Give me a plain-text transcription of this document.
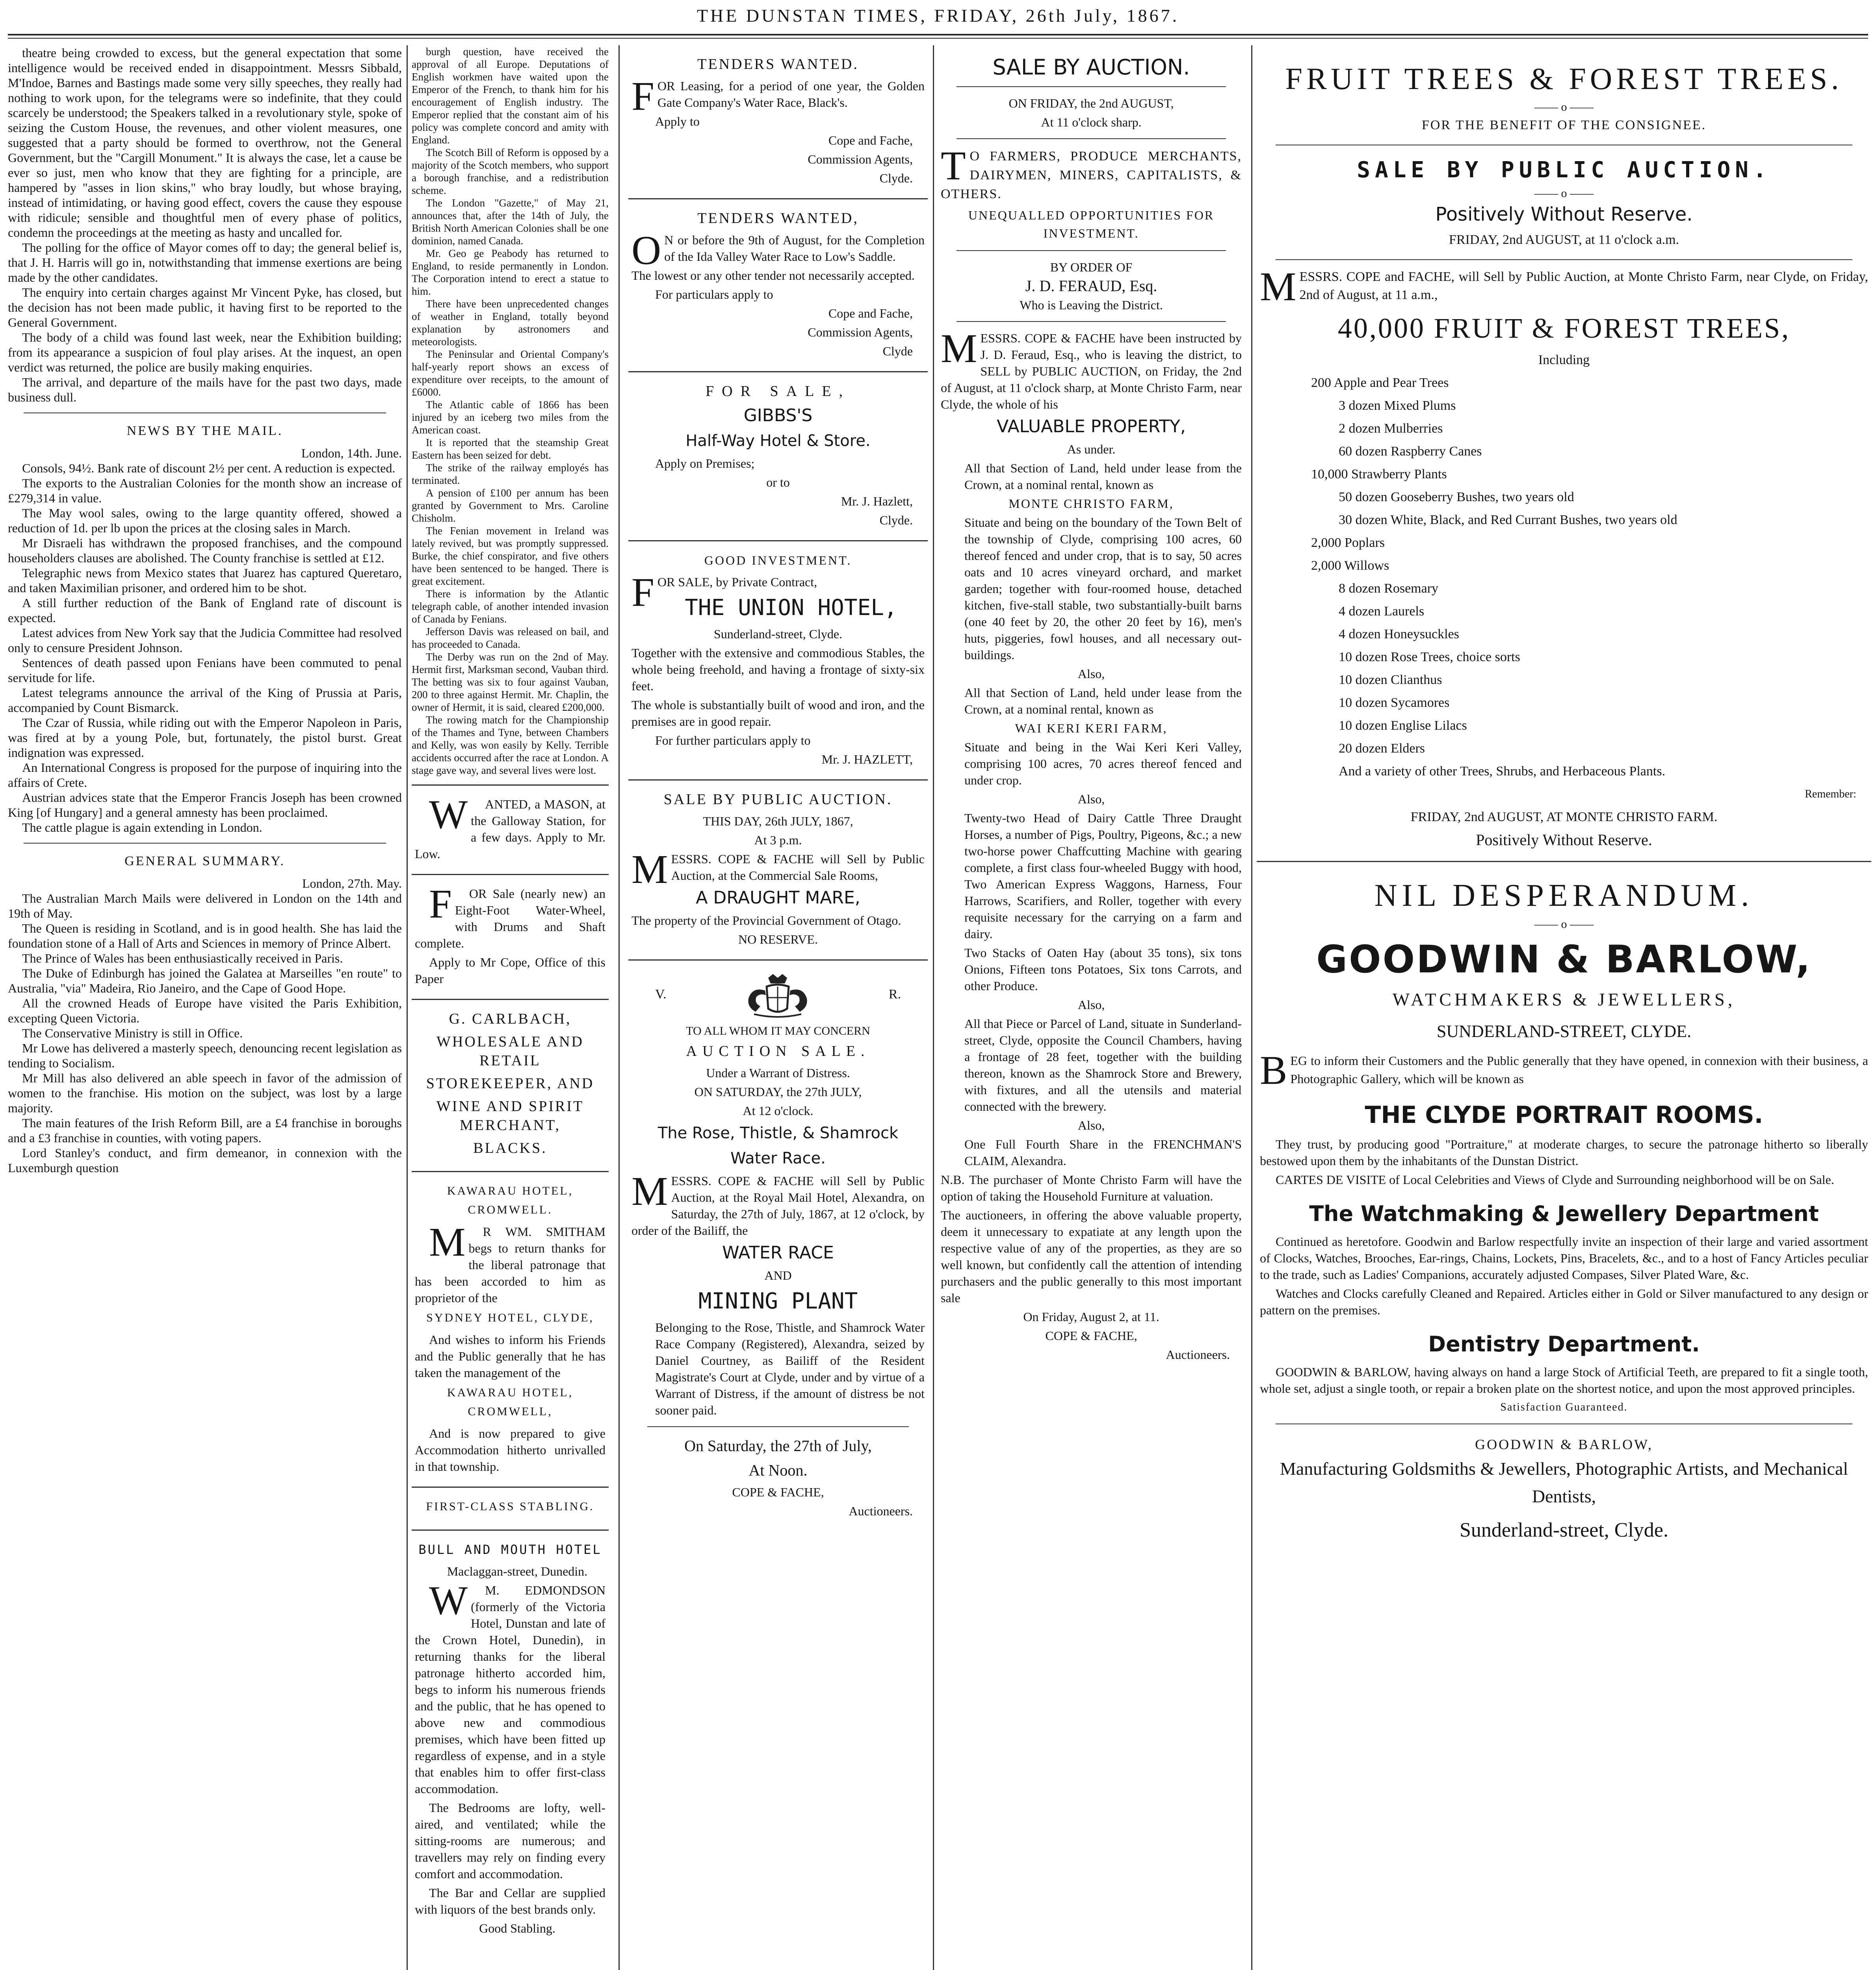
THE DUNSTAN TIMES, FRIDAY, 26th July, 1867.

theatre being crowded to excess, but the general expectation that some intelligence would be received ended in disappointment. Messrs Sibbald, M'Indoe, Barnes and Bastings made some very silly speeches, they really had nothing to work upon, for the telegrams were so indefinite, that they could scarcely be understood; the Speakers talked in a revolutionary style, spoke of seizing the Custom House, the revenues, and other violent measures, one suggested that a party should be formed to overthrow, not the General Government, but the "Cargill Monument." It is always the case, let a cause be ever so just, men who know that they are fighting for a principle, are hampered by "asses in lion skins," who bray loudly, but whose braying, instead of intimidating, or having good effect, covers the cause they espouse with ridicule; sensible and thoughtful men of every phase of politics, condemn the proceedings at the meeting as hasty and uncalled for.

The polling for the office of Mayor comes off to day; the general belief is, that J. H. Harris will go in, notwithstanding that immense exertions are being made by the other candidates.

The enquiry into certain charges against Mr Vincent Pyke, has closed, but the decision has not been made public, it having first to be reported to the General Government.

The body of a child was found last week, near the Exhibition building; from its appearance a suspicion of foul play arises. At the inquest, an open verdict was returned, the police are busily making enquiries.

The arrival, and departure of the mails have for the past two days, made business dull.

NEWS BY THE MAIL.

London, 14th. June.

Consols, 94½. Bank rate of discount 2½ per cent. A reduction is expected.

The exports to the Australian Colonies for the month show an increase of £279,314 in value.

The May wool sales, owing to the large quantity offered, showed a reduction of 1d. per lb upon the prices at the closing sales in March.

Mr Disraeli has withdrawn the proposed franchises, and the compound householders clauses are abolished. The County franchise is settled at £12.

Telegraphic news from Mexico states that Juarez has captured Queretaro, and taken Maximilian prisoner, and ordered him to be shot.

A still further reduction of the Bank of England rate of discount is expected.

Latest advices from New York say that the Judicia Committee had resolved only to censure President Johnson.

Sentences of death passed upon Fenians have been commuted to penal servitude for life.

Latest telegrams announce the arrival of the King of Prussia at Paris, accompanied by Count Bismarck.

The Czar of Russia, while riding out with the Emperor Napoleon in Paris, was fired at by a young Pole, but, fortunately, the pistol burst. Great indignation was expressed.

An International Congress is proposed for the purpose of inquiring into the affairs of Crete.

Austrian advices state that the Emperor Francis Joseph has been crowned King [of Hungary] and a general amnesty has been proclaimed.

The cattle plague is again extending in London.

GENERAL SUMMARY.

London, 27th. May.

The Australian March Mails were delivered in London on the 14th and 19th of May.

The Queen is residing in Scotland, and is in good health. She has laid the foundation stone of a Hall of Arts and Sciences in memory of Prince Albert.

The Prince of Wales has been enthusiastically received in Paris.

The Duke of Edinburgh has joined the Galatea at Marseilles "en route" to Australia, "via" Madeira, Rio Janeiro, and the Cape of Good Hope.

All the crowned Heads of Europe have visited the Paris Exhibition, excepting Queen Victoria.

The Conservative Ministry is still in Office.

Mr Lowe has delivered a masterly speech, denouncing recent legislation as tending to Socialism.

Mr Mill has also delivered an able speech in favor of the admission of women to the franchise. His motion on the subject, was lost by a large majority.

The main features of the Irish Reform Bill, are a £4 franchise in boroughs and a £3 franchise in counties, with voting papers.

Lord Stanley's conduct, and firm demeanor, in connexion with the Luxemburgh question

burgh question, have received the approval of all Europe. Deputations of English workmen have waited upon the Emperor of the French, to thank him for his encouragement of English industry. The Emperor replied that the constant aim of his policy was complete concord and amity with England.

The Scotch Bill of Reform is opposed by a majority of the Scotch members, who support a borough franchise, and a redistribution scheme.

The London "Gazette," of May 21, announces that, after the 14th of July, the British North American Colonies shall be one dominion, named Canada.

Mr. Geo ge Peabody has returned to England, to reside permanently in London. The Corporation intend to erect a statue to him.

There have been unprecedented changes of weather in England, totally beyond explanation by astronomers and meteorologists.

The Peninsular and Oriental Company's half-yearly report shows an excess of expenditure over receipts, to the amount of £6000.

The Atlantic cable of 1866 has been injured by an iceberg two miles from the American coast.

It is reported that the steamship Great Eastern has been seized for debt.

The strike of the railway employés has terminated.

A pension of £100 per annum has been granted by Government to Mrs. Caroline Chisholm.

The Fenian movement in Ireland was lately revived, but was promptly suppressed. Burke, the chief conspirator, and five others have been sentenced to be hanged. There is great excitement.

There is information by the Atlantic telegraph cable, of another intended invasion of Canada by Fenians.

Jefferson Davis was released on bail, and has proceeded to Canada.

The Derby was run on the 2nd of May. Hermit first, Marksman second, Vauban third. The betting was six to four against Vauban, 200 to three against Hermit. Mr. Chaplin, the owner of Hermit, it is said, cleared £200,000.

The rowing match for the Championship of the Thames and Tyne, between Chambers and Kelly, was won easily by Kelly. Terrible accidents occurred after the race at London. A stage gave way, and several lives were lost.

WANTED, a MASON, at the Galloway Station, for a few days. Apply to Mr. Low.

FOR Sale (nearly new) an Eight-Foot Water-Wheel, with Drums and Shaft complete.

Apply to Mr Cope, Office of this Paper

G. CARLBACH,
WHOLESALE AND RETAIL
STOREKEEPER, AND
WINE AND SPIRIT MERCHANT,
BLACKS.
KAWARAU HOTEL, CROMWELL.

MR WM. SMITHAM begs to return thanks for the liberal patronage that has been accorded to him as proprietor of the

SYDNEY HOTEL, CLYDE,

And wishes to inform his Friends and the Public generally that he has taken the management of the

KAWARAU HOTEL, CROMWELL,

And is now prepared to give Accommodation hitherto unrivalled in that township.

FIRST-CLASS STABLING.
BULL AND MOUTH HOTEL

Maclaggan-street, Dunedin.

WM. EDMONDSON (formerly of the Victoria Hotel, Dunstan and late of the Crown Hotel, Dunedin), in returning thanks for the liberal patronage hitherto accorded him, begs to inform his numerous friends and the public, that he has opened to above new and commodious premises, which have been fitted up regardless of expense, and in a style that enables him to offer first-class accommodation.

The Bedrooms are lofty, well-aired, and ventilated; while the sitting-rooms are numerous; and travellers may rely on finding every comfort and accommodation.

The Bar and Cellar are supplied with liquors of the best brands only.

Good Stabling.

TENDERS WANTED.

FOR Leasing, for a period of one year, the Golden Gate Company's Water Race, Black's.

Apply to

Cope and Fache,

Commission Agents,

Clyde.

TENDERS WANTED,

ON or before the 9th of August, for the Completion of the Ida Valley Water Race to Low's Saddle.

The lowest or any other tender not necessarily accepted.

For particulars apply to

Cope and Fache,

Commission Agents,

Clyde

FOR SALE,
GIBBS'S
Half-Way Hotel & Store.

Apply on Premises;

or to

Mr. J. Hazlett,

Clyde.

GOOD INVESTMENT.

FOR SALE, by Private Contract,

THE UNION HOTEL,

Sunderland-street, Clyde.

Together with the extensive and commodious Stables, the whole being freehold, and having a frontage of sixty-six feet.

The whole is substantially built of wood and iron, and the premises are in good repair.

For further particulars apply to

Mr. J. HAZLETT,

SALE BY PUBLIC AUCTION.

THIS DAY, 26th JULY, 1867,

At 3 p.m.

MESSRS. COPE & FACHE will Sell by Public Auction, at the Commercial Sale Rooms,

A DRAUGHT MARE,

The property of the Provincial Government of Otago.

NO RESERVE.

V.	R.

TO ALL WHOM IT MAY CONCERN

AUCTION SALE.

Under a Warrant of Distress.

ON SATURDAY, the 27th JULY,

At 12 o'clock.

The Rose, Thistle, & Shamrock
Water Race.

MESSRS. COPE & FACHE will Sell by Public Auction, at the Royal Mail Hotel, Alexandra, on Saturday, the 27th of July, 1867, at 12 o'clock, by order of the Bailiff, the

WATER RACE

AND

MINING PLANT

Belonging to the Rose, Thistle, and Shamrock Water Race Company (Registered), Alexandra, seized by Daniel Courtney, as Bailiff of the Resident Magistrate's Court at Clyde, under and by virtue of a Warrant of Distress, if the amount of distress be not sooner paid.

On Saturday, the 27th of July,

At Noon.

COPE & FACHE,

Auctioneers.

SALE BY AUCTION.

ON FRIDAY, the 2nd AUGUST,

At 11 o'clock sharp.

TO FARMERS, PRODUCE MERCHANTS, DAIRYMEN, MINERS, CAPITALISTS, & OTHERS.

UNEQUALLED OPPORTUNITIES FOR INVESTMENT.

BY ORDER OF

J. D. FERAUD, Esq.

Who is Leaving the District.

MESSRS. COPE & FACHE have been instructed by J. D. Feraud, Esq., who is leaving the district, to SELL by PUBLIC AUCTION, on Friday, the 2nd of August, at 11 o'clock sharp, at Monte Christo Farm, near Clyde, the whole of his

VALUABLE PROPERTY,

As under.

All that Section of Land, held under lease from the Crown, at a nominal rental, known as

MONTE CHRISTO FARM,

Situate and being on the boundary of the Town Belt of the township of Clyde, comprising 100 acres, 60 thereof fenced and under crop, that is to say, 50 acres oats and 10 acres vineyard orchard, and market garden; together with four-roomed house, detached kitchen, five-stall stable, two substantially-built barns (one 40 feet by 20, the other 20 feet by 16), men's huts, piggeries, fowl houses, and all necessary out-buildings.

Also,

All that Section of Land, held under lease from the Crown, at a nominal rental, known as

WAI KERI KERI FARM,

Situate and being in the Wai Keri Keri Valley, comprising 100 acres, 70 acres thereof fenced and under crop.

Also,

Twenty-two Head of Dairy Cattle Three Draught Horses, a number of Pigs, Poultry, Pigeons, &c.; a new two-horse power Chaffcutting Machine with gearing complete, a first class four-wheeled Buggy with hood, Two American Express Waggons, Harness, Four Harrows, Scarifiers, and Roller, together with every requisite necessary for the carrying on a farm and dairy.

Two Stacks of Oaten Hay (about 35 tons), six tons Onions, Fifteen tons Potatoes, Six tons Carrots, and other Produce.

Also,

All that Piece or Parcel of Land, situate in Sunderland-street, Clyde, opposite the Council Chambers, having a frontage of 28 feet, together with the building thereon, known as the Shamrock Store and Brewery, with fixtures, and all the utensils and material connected with the brewery.

Also,

One Full Fourth Share in the FRENCHMAN'S CLAIM, Alexandra.

N.B. The purchaser of Monte Christo Farm will have the option of taking the Household Furniture at valuation.

The auctioneers, in offering the above valuable property, deem it unnecessary to expatiate at any length upon the respective value of any of the properties, as they are so well known, but confidently call the attention of intending purchasers and the public generally to this most important sale

On Friday, August 2, at 11.

COPE & FACHE,

Auctioneers.

FRUIT TREES & FOREST TREES.
—— o ——

FOR THE BENEFIT OF THE CONSIGNEE.

SALE BY PUBLIC AUCTION.
—— o ——
Positively Without Reserve.

FRIDAY, 2nd AUGUST, at 11 o'clock a.m.

MESSRS. COPE and FACHE, will Sell by Public Auction, at Monte Christo Farm, near Clyde, on Friday, 2nd of August, at 11 a.m.,

40,000 FRUIT & FOREST TREES,

Including

200 Apple and Pear Trees

3 dozen Mixed Plums

2 dozen Mulberries

60 dozen Raspberry Canes

10,000 Strawberry Plants

50 dozen Gooseberry Bushes, two years old

30 dozen White, Black, and Red Currant Bushes, two years old

2,000 Poplars

2,000 Willows

8 dozen Rosemary

4 dozen Laurels

4 dozen Honeysuckles

10 dozen Rose Trees, choice sorts

10 dozen Clianthus

10 dozen Sycamores

10 dozen Englise Lilacs

20 dozen Elders

And a variety of other Trees, Shrubs, and Herbaceous Plants.

Remember:

FRIDAY, 2nd AUGUST, AT MONTE CHRISTO FARM.

Positively Without Reserve.

NIL DESPERANDUM.
—— o ——
GOODWIN & BARLOW,

WATCHMAKERS & JEWELLERS,

SUNDERLAND-STREET, CLYDE.

BEG to inform their Customers and the Public generally that they have opened, in connexion with their business, a Photographic Gallery, which will be known as

THE CLYDE PORTRAIT ROOMS.

They trust, by producing good "Portraiture," at moderate charges, to secure the patronage hitherto so liberally bestowed upon them by the inhabitants of the Dunstan District.

CARTES DE VISITE of Local Celebrities and Views of Clyde and Surrounding neighborhood will be on Sale.

The Watchmaking & Jewellery Department

Continued as heretofore. Goodwin and Barlow respectfully invite an inspection of their large and varied assortment of Clocks, Watches, Brooches, Ear-rings, Chains, Lockets, Pins, Bracelets, &c., and to a host of Fancy Articles peculiar to the trade, such as Ladies' Companions, accurately adjusted Compases, Silver Plated Ware, &c.

Watches and Clocks carefully Cleaned and Repaired. Articles either in Gold or Silver manufactured to any design or pattern on the premises.

Dentistry Department.

GOODWIN & BARLOW, having always on hand a large Stock of Artificial Teeth, are prepared to fit a single tooth, whole set, adjust a single tooth, or repair a broken plate on the shortest notice, and upon the most approved principles.

Satisfaction Guaranteed.

GOODWIN & BARLOW,

Manufacturing Goldsmiths & Jewellers, Photographic Artists, and Mechanical Dentists,

Sunderland-street, Clyde.
